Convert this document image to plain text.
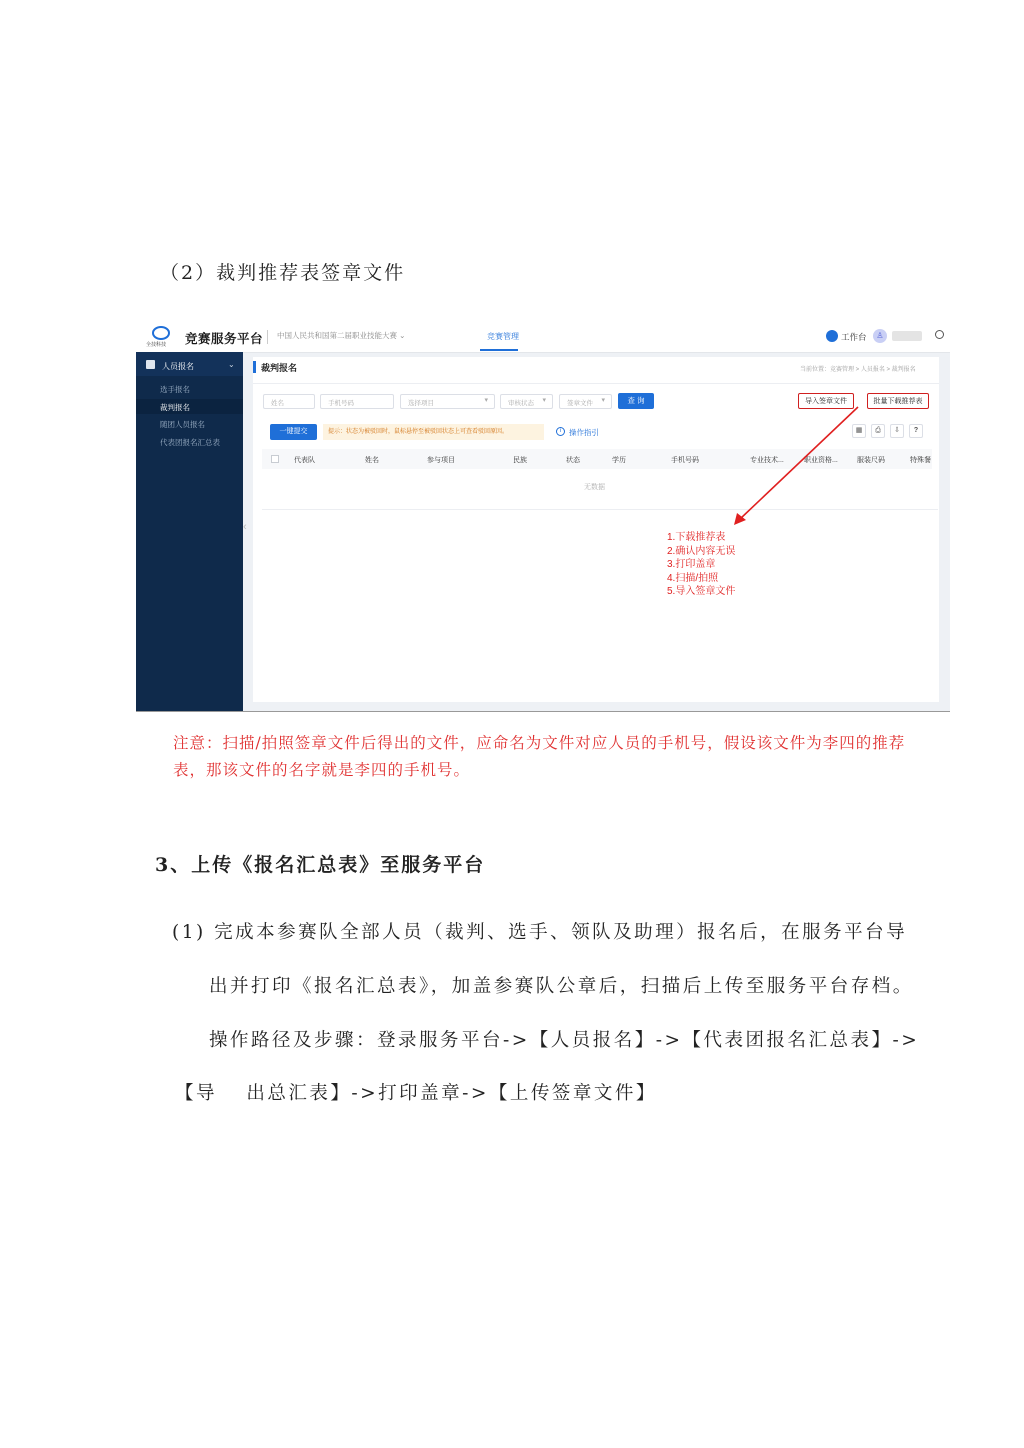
（2）裁判推荐表签章文件
全技科技 竞赛服务平台 中国人民共和国第二届职业技能大赛 ⌄	竞赛管理	工作台	♙
人员报名	⌄
选手报名
裁判报名
随团人员报名
代表团报名汇总表
‹
裁判报名	当前位置：竞赛管理 > 人员报名 > 裁判报名
姓名	手机号码	选择项目	▾	审核状态 ▾	签章文件 ▾	查 询	导入签章文件	批量下载推荐表
一键提交	提示：状态为被驳回时，鼠标悬停至被驳回状态上可查看驳回原因。	i	操作指引	▦	⎙	⇩	?
代表队	姓名	参与项目	民族	状态	学历	手机号码	专业技术...	职业资格...	服装尺码	特殊餐
无数据
1.下载推荐表
2.确认内容无误
3.打印盖章
4.扫描/拍照
5.导入签章文件
注意：扫描/拍照签章文件后得出的文件，应命名为文件对应人员的手机号，假设该文件为李四的推荐表，那该文件的名字就是李四的手机号。
3、上传《报名汇总表》至服务平台
(1) 完成本参赛队全部人员（裁判、选手、领队及助理）报名后，在服务平台导
出并打印《报名汇总表》，加盖参赛队公章后，扫描后上传至服务平台存档。
操作路径及步骤：登录服务平台->【人员报名】->【代表团报名汇总表】->
【导　 出总汇表】->打印盖章->【上传签章文件】
